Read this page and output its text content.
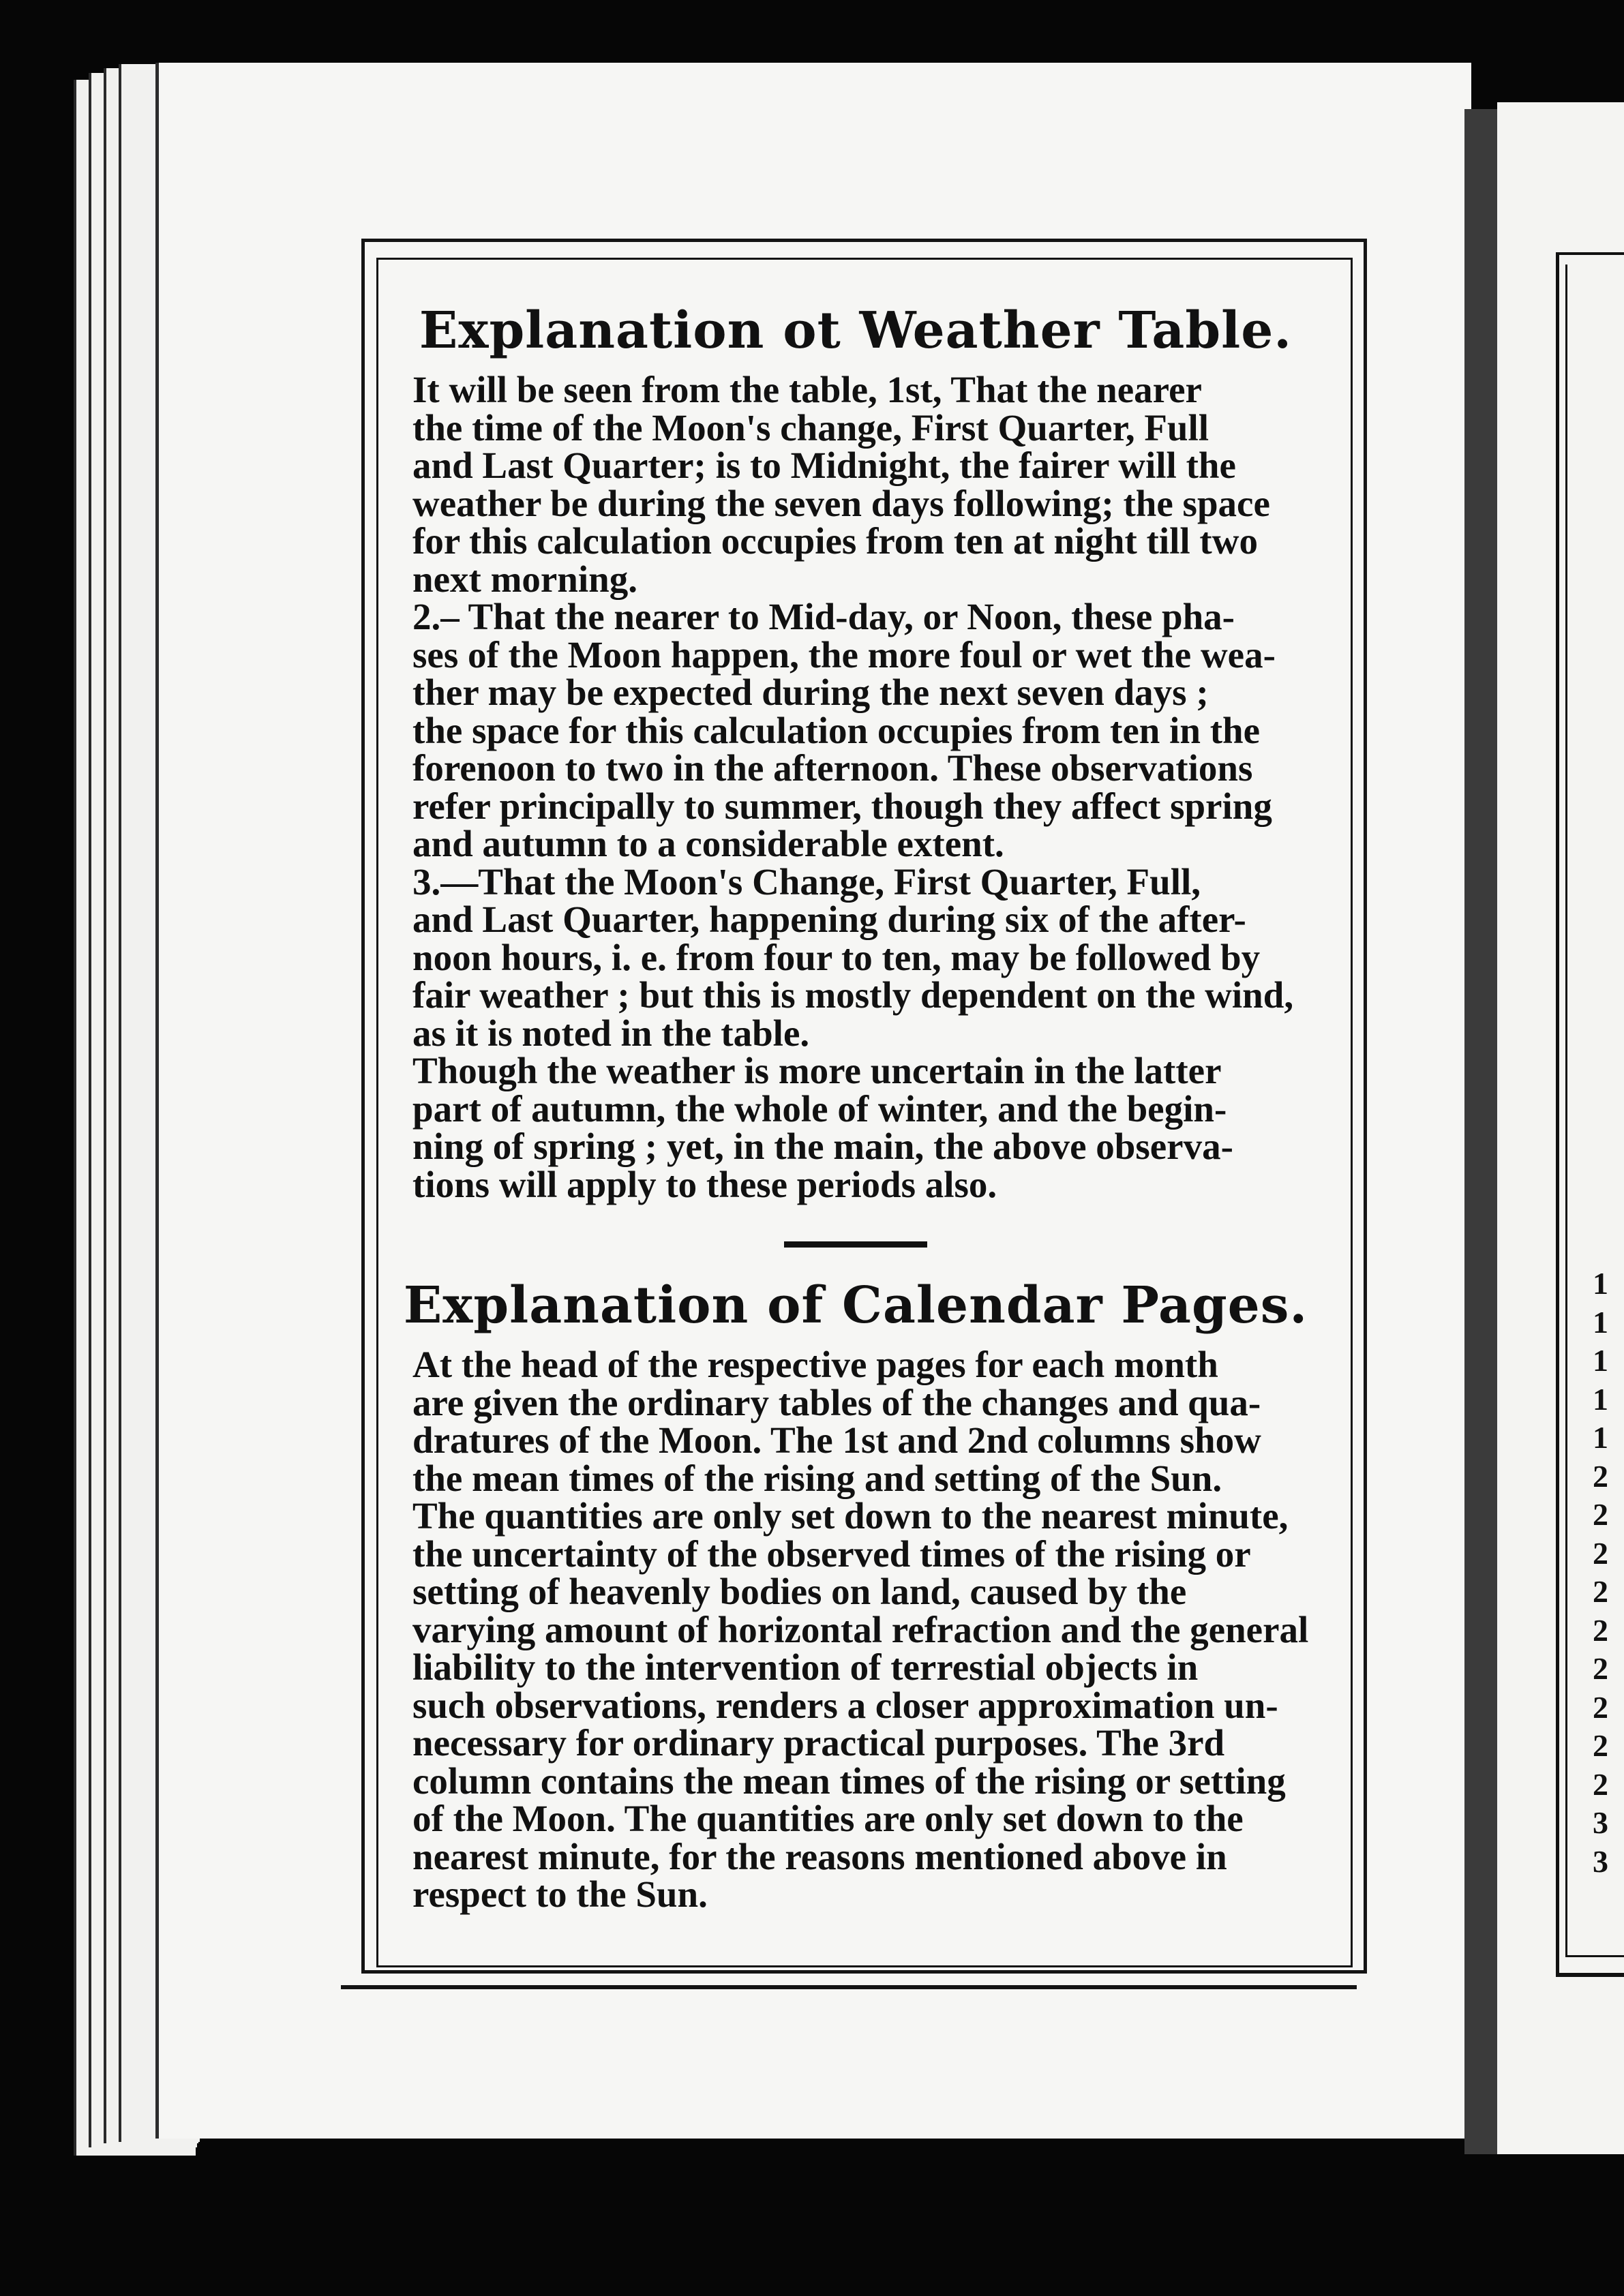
1
1
1
1
1
2
2
2
2
2
2
2
2
2
3
3
Explanation ot Weather Table.

It will be seen from the table, 1st, That the nearer
the time of the Moon's change, First Quarter, Full
and Last Quarter; is to Midnight, the fairer will the
weather be during the seven days following; the space
for this calculation occupies from ten at night till two
next morning.

2.– That the nearer to Mid-day, or Noon, these pha-
ses of the Moon happen, the more foul or wet the wea-
ther may be expected during the next seven days ;
the space for this calculation occupies from ten in the
forenoon to two in the afternoon. These observations
refer principally to summer, though they affect spring
and autumn to a considerable extent.

3.—That the Moon's Change, First Quarter, Full,
and Last Quarter, happening during six of the after-
noon hours, i. e. from four to ten, may be followed by
fair weather ; but this is mostly dependent on the wind,
as it is noted in the table.

Though the weather is more uncertain in the latter
part of autumn, the whole of winter, and the begin-
ning of spring ; yet, in the main, the above observa-
tions will apply to these periods also.

Explanation of Calendar Pages.

At the head of the respective pages for each month
are given the ordinary tables of the changes and qua-
dratures of the Moon. The 1st and 2nd columns show
the mean times of the rising and setting of the Sun.
The quantities are only set down to the nearest minute,
the uncertainty of the observed times of the rising or
setting of heavenly bodies on land, caused by the
varying amount of horizontal refraction and the general
liability to the intervention of terrestial objects in
such observations, renders a closer approximation un-
necessary for ordinary practical purposes. The 3rd
column contains the mean times of the rising or setting
of the Moon. The quantities are only set down to the
nearest minute, for the reasons mentioned above in
respect to the Sun.
